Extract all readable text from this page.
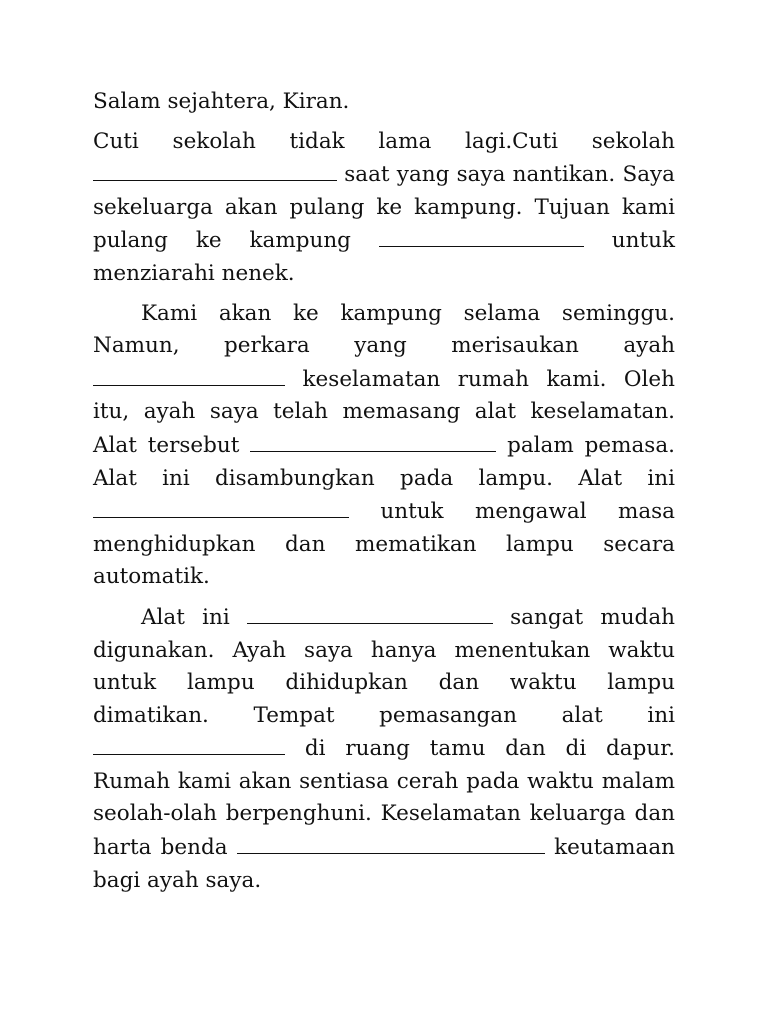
Salam sejahtera, Kiran.

Cuti sekolah tidak lama lagi.Cuti sekolah  saat yang saya nantikan. Saya sekeluarga akan pulang ke kampung. Tujuan kami pulang ke kampung	untuk menziarahi nenek.

Kami akan ke kampung selama seminggu. Namun, perkara yang merisaukan ayah  keselamatan rumah kami. Oleh itu, ayah saya telah memasang alat keselamatan. Alat tersebut	palam pemasa. Alat ini disambungkan pada lampu. Alat ini  untuk mengawal masa menghidupkan dan mematikan lampu secara automatik.

Alat ini	sangat mudah digunakan. Ayah saya hanya menentukan waktu untuk lampu dihidupkan dan waktu lampu dimatikan. Tempat pemasangan alat ini  di ruang tamu dan di dapur. Rumah kami akan sentiasa cerah pada waktu malam seolah-olah berpenghuni. Keselamatan keluarga dan harta benda	keutamaan bagi ayah saya.
